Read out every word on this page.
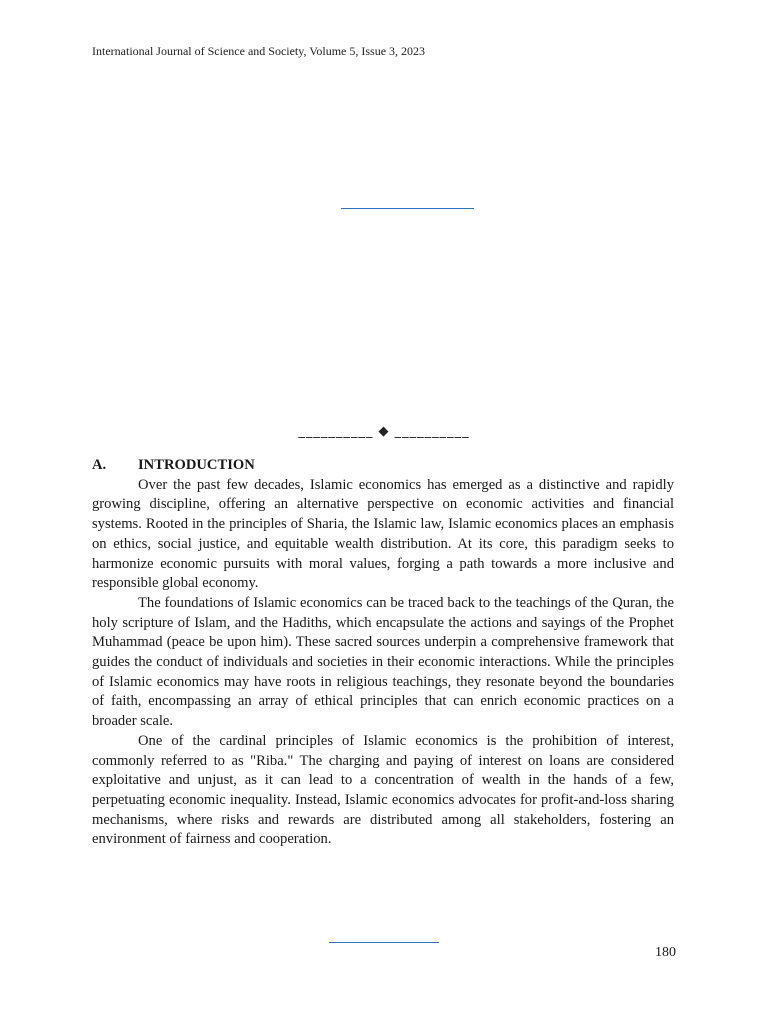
International Journal of Science and Society, Volume 5, Issue 3, 2023
__________ ◆ __________
A.	INTRODUCTION

Over the past few decades, Islamic economics has emerged as a distinctive and rapidly growing discipline, offering an alternative perspective on economic activities and financial systems. Rooted in the principles of Sharia, the Islamic law, Islamic economics places an emphasis on ethics, social justice, and equitable wealth distribution. At its core, this paradigm seeks to harmonize economic pursuits with moral values, forging a path towards a more inclusive and responsible global economy.

The foundations of Islamic economics can be traced back to the teachings of the Quran, the holy scripture of Islam, and the Hadiths, which encapsulate the actions and sayings of the Prophet Muhammad (peace be upon him). These sacred sources underpin a comprehensive framework that guides the conduct of individuals and societies in their economic interactions. While the principles of Islamic economics may have roots in religious teachings, they resonate beyond the boundaries of faith, encompassing an array of ethical principles that can enrich economic practices on a broader scale.

One of the cardinal principles of Islamic economics is the prohibition of interest, commonly referred to as "Riba." The charging and paying of interest on loans are considered exploitative and unjust, as it can lead to a concentration of wealth in the hands of a few, perpetuating economic inequality. Instead, Islamic economics advocates for profit-and-loss sharing mechanisms, where risks and rewards are distributed among all stakeholders, fostering an environment of fairness and cooperation.

180
